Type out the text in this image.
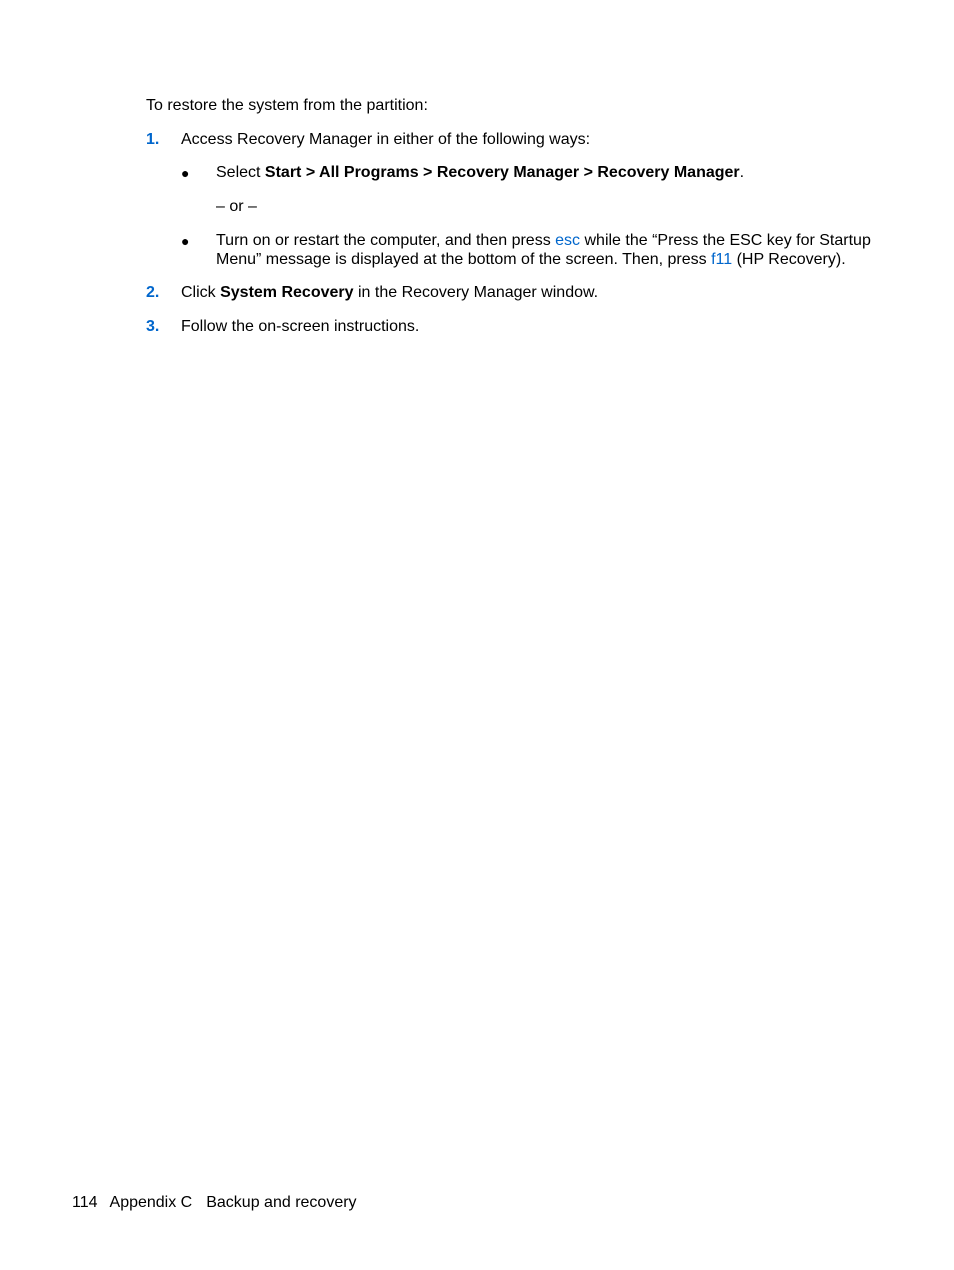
To restore the system from the partition:
1. Access Recovery Manager in either of the following ways:
● Select Start > All Programs > Recovery Manager > Recovery Manager.
– or –
● Turn on or restart the computer, and then press esc while the “Press the ESC key for Startup
Menu” message is displayed at the bottom of the screen. Then, press f11 (HP Recovery).
2. Click System Recovery in the Recovery Manager window.
3. Follow the on-screen instructions.
114 Appendix C Backup and recovery
